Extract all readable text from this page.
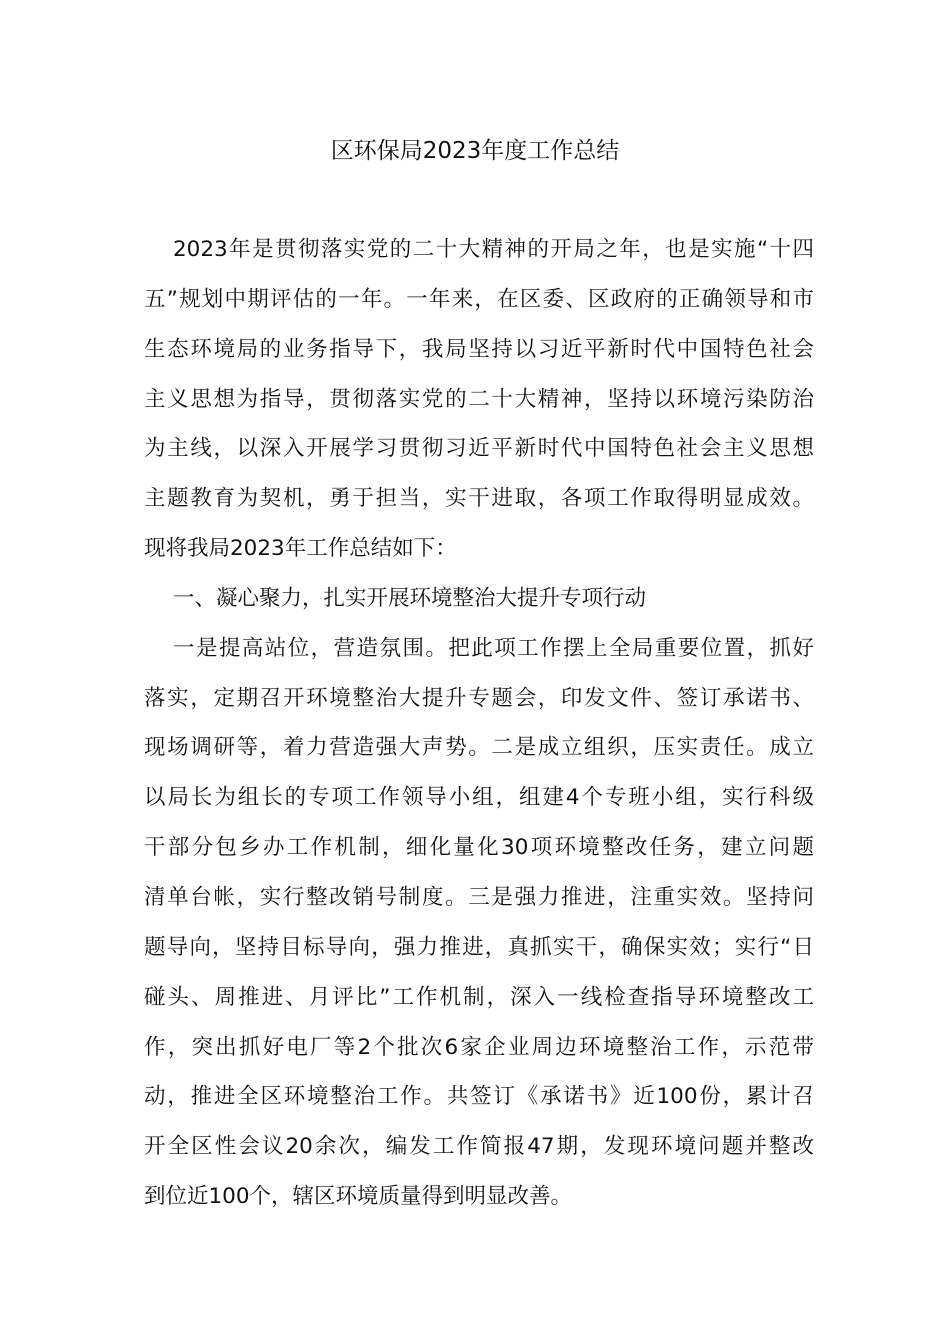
区环保局2023年度工作总结
2023年是贯彻落实党的二十大精神的开局之年，也是实施“十四
五”规划中期评估的一年。一年来，在区委、区政府的正确领导和市
生态环境局的业务指导下，我局坚持以习近平新时代中国特色社会
主义思想为指导，贯彻落实党的二十大精神，坚持以环境污染防治
为主线，以深入开展学习贯彻习近平新时代中国特色社会主义思想
主题教育为契机，勇于担当，实干进取，各项工作取得明显成效。
现将我局2023年工作总结如下：
一、凝心聚力，扎实开展环境整治大提升专项行动
一是提高站位，营造氛围。把此项工作摆上全局重要位置，抓好
落实，定期召开环境整治大提升专题会，印发文件、签订承诺书、
现场调研等，着力营造强大声势。二是成立组织，压实责任。成立
以局长为组长的专项工作领导小组，组建4个专班小组，实行科级
干部分包乡办工作机制，细化量化30项环境整改任务，建立问题
清单台帐，实行整改销号制度。三是强力推进，注重实效。坚持问
题导向，坚持目标导向，强力推进，真抓实干，确保实效；实行“日
碰头、周推进、月评比”工作机制，深入一线检查指导环境整改工
作，突出抓好电厂等2个批次6家企业周边环境整治工作，示范带
动，推进全区环境整治工作。共签订《承诺书》近100份，累计召
开全区性会议20余次，编发工作简报47期，发现环境问题并整改
到位近100个，辖区环境质量得到明显改善。
